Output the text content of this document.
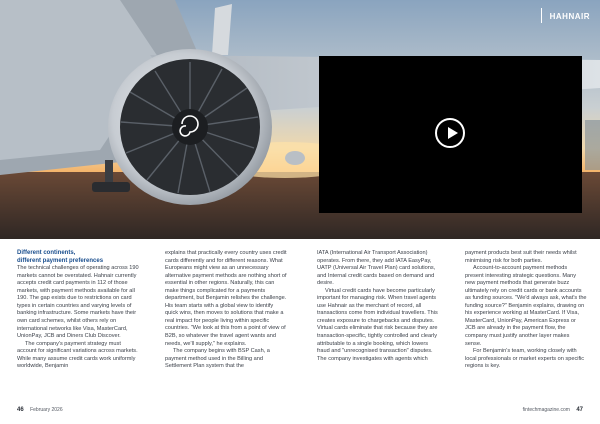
HAHNAIR

Different continents,

different payment preferences

The technical challenges of operating across 190 markets cannot be overstated. Hahnair currently accepts credit card payments in 112 of those markets, with payment methods available for all 190. The gap exists due to restrictions on card types in certain countries and varying levels of banking infrastructure. Some markets have their own card schemes, whilst others rely on international networks like Visa, MasterCard, UnionPay, JCB and Diners Club Discover.

The company's payment strategy must account for significant variations across markets. While many assume credit cards work uniformly worldwide, Benjamin

explains that practically every country uses credit cards differently and for different reasons. What Europeans might view as an unnecessary alternative payment methods are nothing short of essential in other regions. Naturally, this can make things complicated for a payments department, but Benjamin relishes the challenge. His team starts with a global view to identify quick wins, then moves to solutions that make a real impact for people living within specific countries. "We look at this from a point of view of B2B, so whatever the travel agent wants and needs, we'll supply," he explains.

The company begins with BSP Cash, a payment method used in the Billing and Settlement Plan system that the

IATA (International Air Transport Association) operates. From there, they add IATA EasyPay, UATP (Universal Air Travel Plan) card solutions, and Internal credit cards based on demand and desire.

Virtual credit cards have become particularly important for managing risk. When travel agents use Hahnair as the merchant of record, all transactions come from individual travellers. This creates exposure to chargebacks and disputes. Virtual cards eliminate that risk because they are transaction-specific, tightly controlled and clearly attributable to a single booking, which lowers fraud and "unrecognised transaction" disputes. The company investigates with agents which

payment products best suit their needs whilst minimising risk for both parties.

Account-to-account payment methods present interesting strategic questions. Many new payment methods that generate buzz ultimately rely on credit cards or bank accounts as funding sources. "We'd always ask, what's the funding source?" Benjamin explains, drawing on his experience working at MasterCard. If Visa, MasterCard, UnionPay, American Express or JCB are already in the payment flow, the company must justify another layer makes sense.

For Benjamin's team, working closely with local professionals or market experts on specific regions is key.

46 February 2026	fintechmagazine.com 47
